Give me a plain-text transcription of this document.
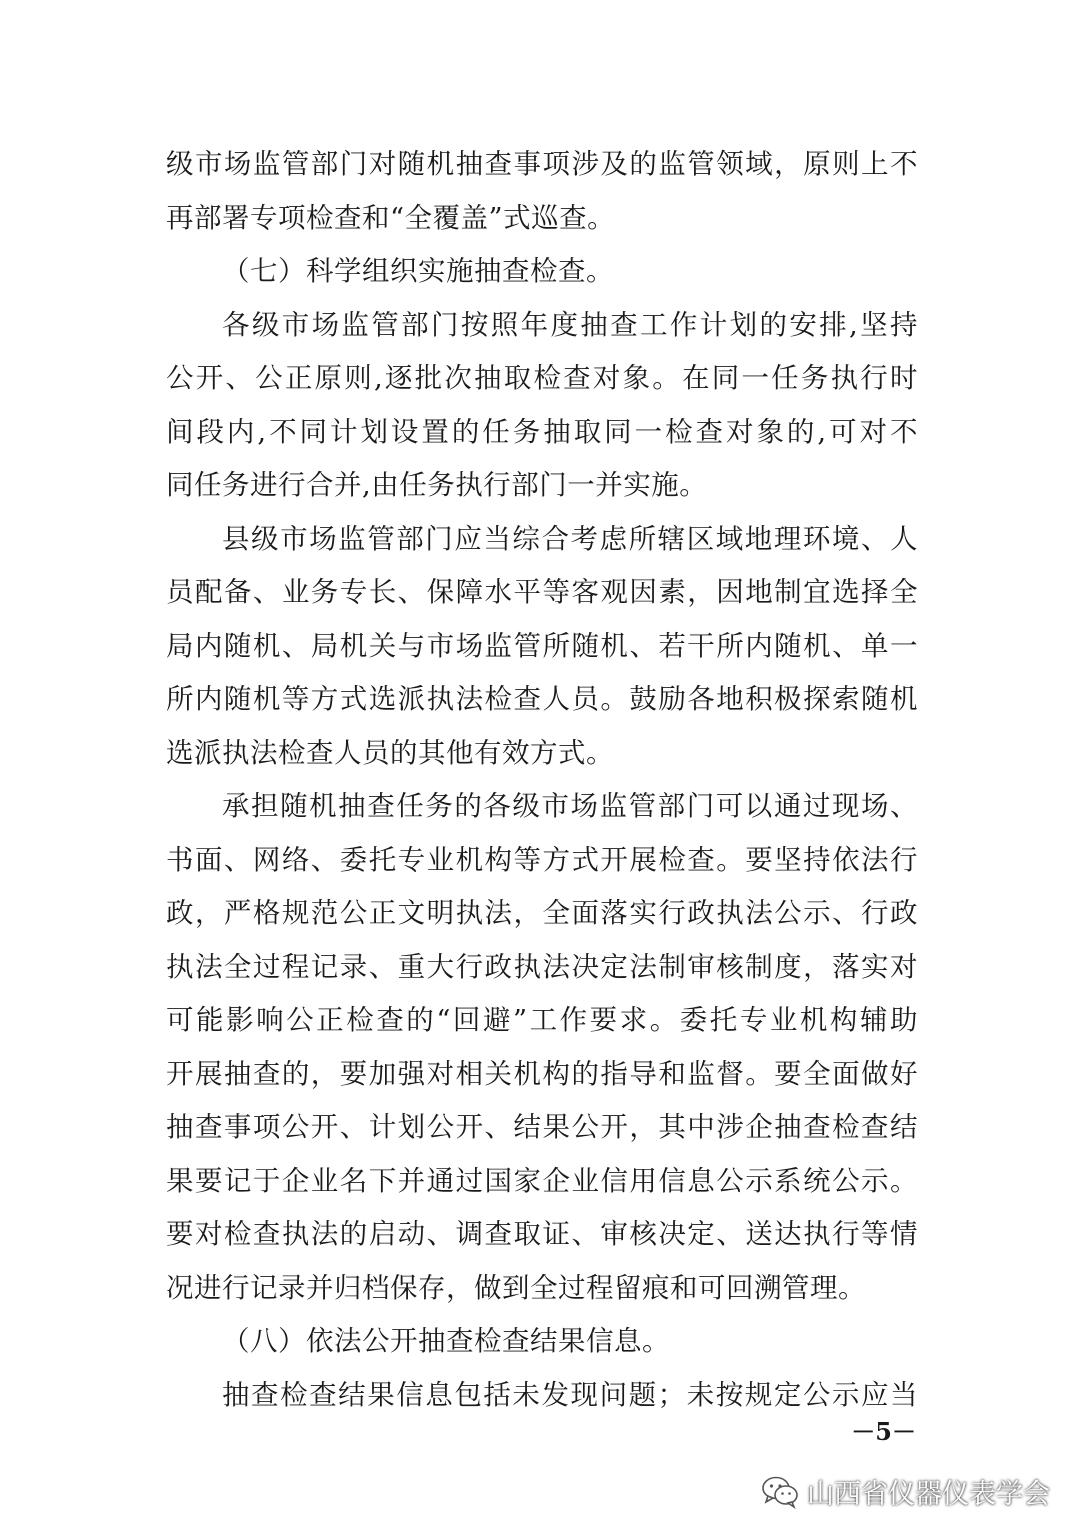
级市场监管部门对随机抽查事项涉及的监管领域，原则上不
再部署专项检查和“全覆盖”式巡查。
（七）科学组织实施抽查检查。
各级市场监管部门按照年度抽查工作计划的安排,坚持
公开、公正原则,逐批次抽取检查对象。在同一任务执行时
间段内,不同计划设置的任务抽取同一检查对象的,可对不
同任务进行合并,由任务执行部门一并实施。
县级市场监管部门应当综合考虑所辖区域地理环境、人
员配备、业务专长、保障水平等客观因素，因地制宜选择全
局内随机、局机关与市场监管所随机、若干所内随机、单一
所内随机等方式选派执法检查人员。鼓励各地积极探索随机
选派执法检查人员的其他有效方式。
承担随机抽查任务的各级市场监管部门可以通过现场、
书面、网络、委托专业机构等方式开展检查。要坚持依法行
政，严格规范公正文明执法，全面落实行政执法公示、行政
执法全过程记录、重大行政执法决定法制审核制度，落实对
可能影响公正检查的“回避”工作要求。委托专业机构辅助
开展抽查的，要加强对相关机构的指导和监督。要全面做好
抽查事项公开、计划公开、结果公开，其中涉企抽查检查结
果要记于企业名下并通过国家企业信用信息公示系统公示。
要对检查执法的启动、调查取证、审核决定、送达执行等情
况进行记录并归档保存，做到全过程留痕和可回溯管理。
（八）依法公开抽查检查结果信息。
抽查检查结果信息包括未发现问题；未按规定公示应当
－5－
山西省仪器仪表学会
